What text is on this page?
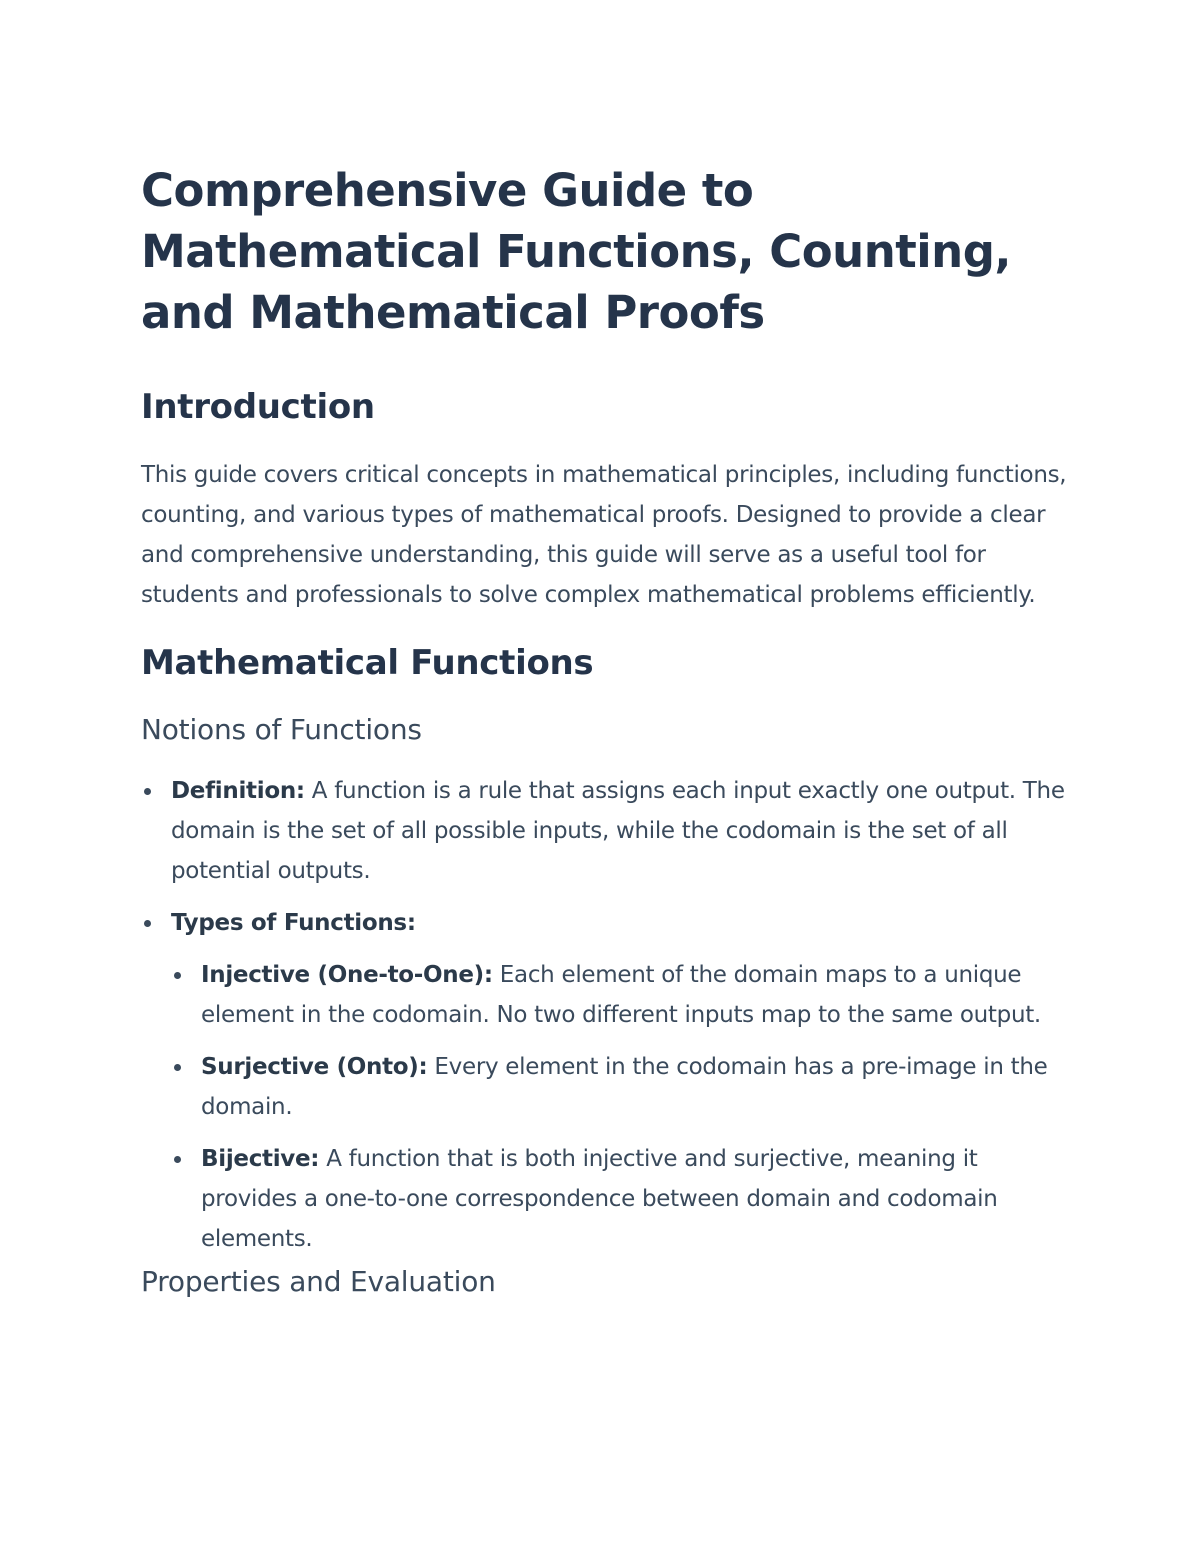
Comprehensive Guide to Mathematical Functions, Counting, and Mathematical Proofs
Introduction

This guide covers critical concepts in mathematical principles, including functions, counting, and various types of mathematical proofs. Designed to provide a clear and comprehensive understanding, this guide will serve as a useful tool for students and professionals to solve complex mathematical problems efficiently.

Mathematical Functions
Notions of Functions
Definition: A function is a rule that assigns each input exactly one output. The domain is the set of all possible inputs, while the codomain is the set of all potential outputs.
Types of Functions:
Injective (One-to-One): Each element of the domain maps to a unique element in the codomain. No two different inputs map to the same output.
Surjective (Onto): Every element in the codomain has a pre-image in the domain.
Bijective: A function that is both injective and surjective, meaning it provides a one-to-one correspondence between domain and codomain elements.
Properties and Evaluation
